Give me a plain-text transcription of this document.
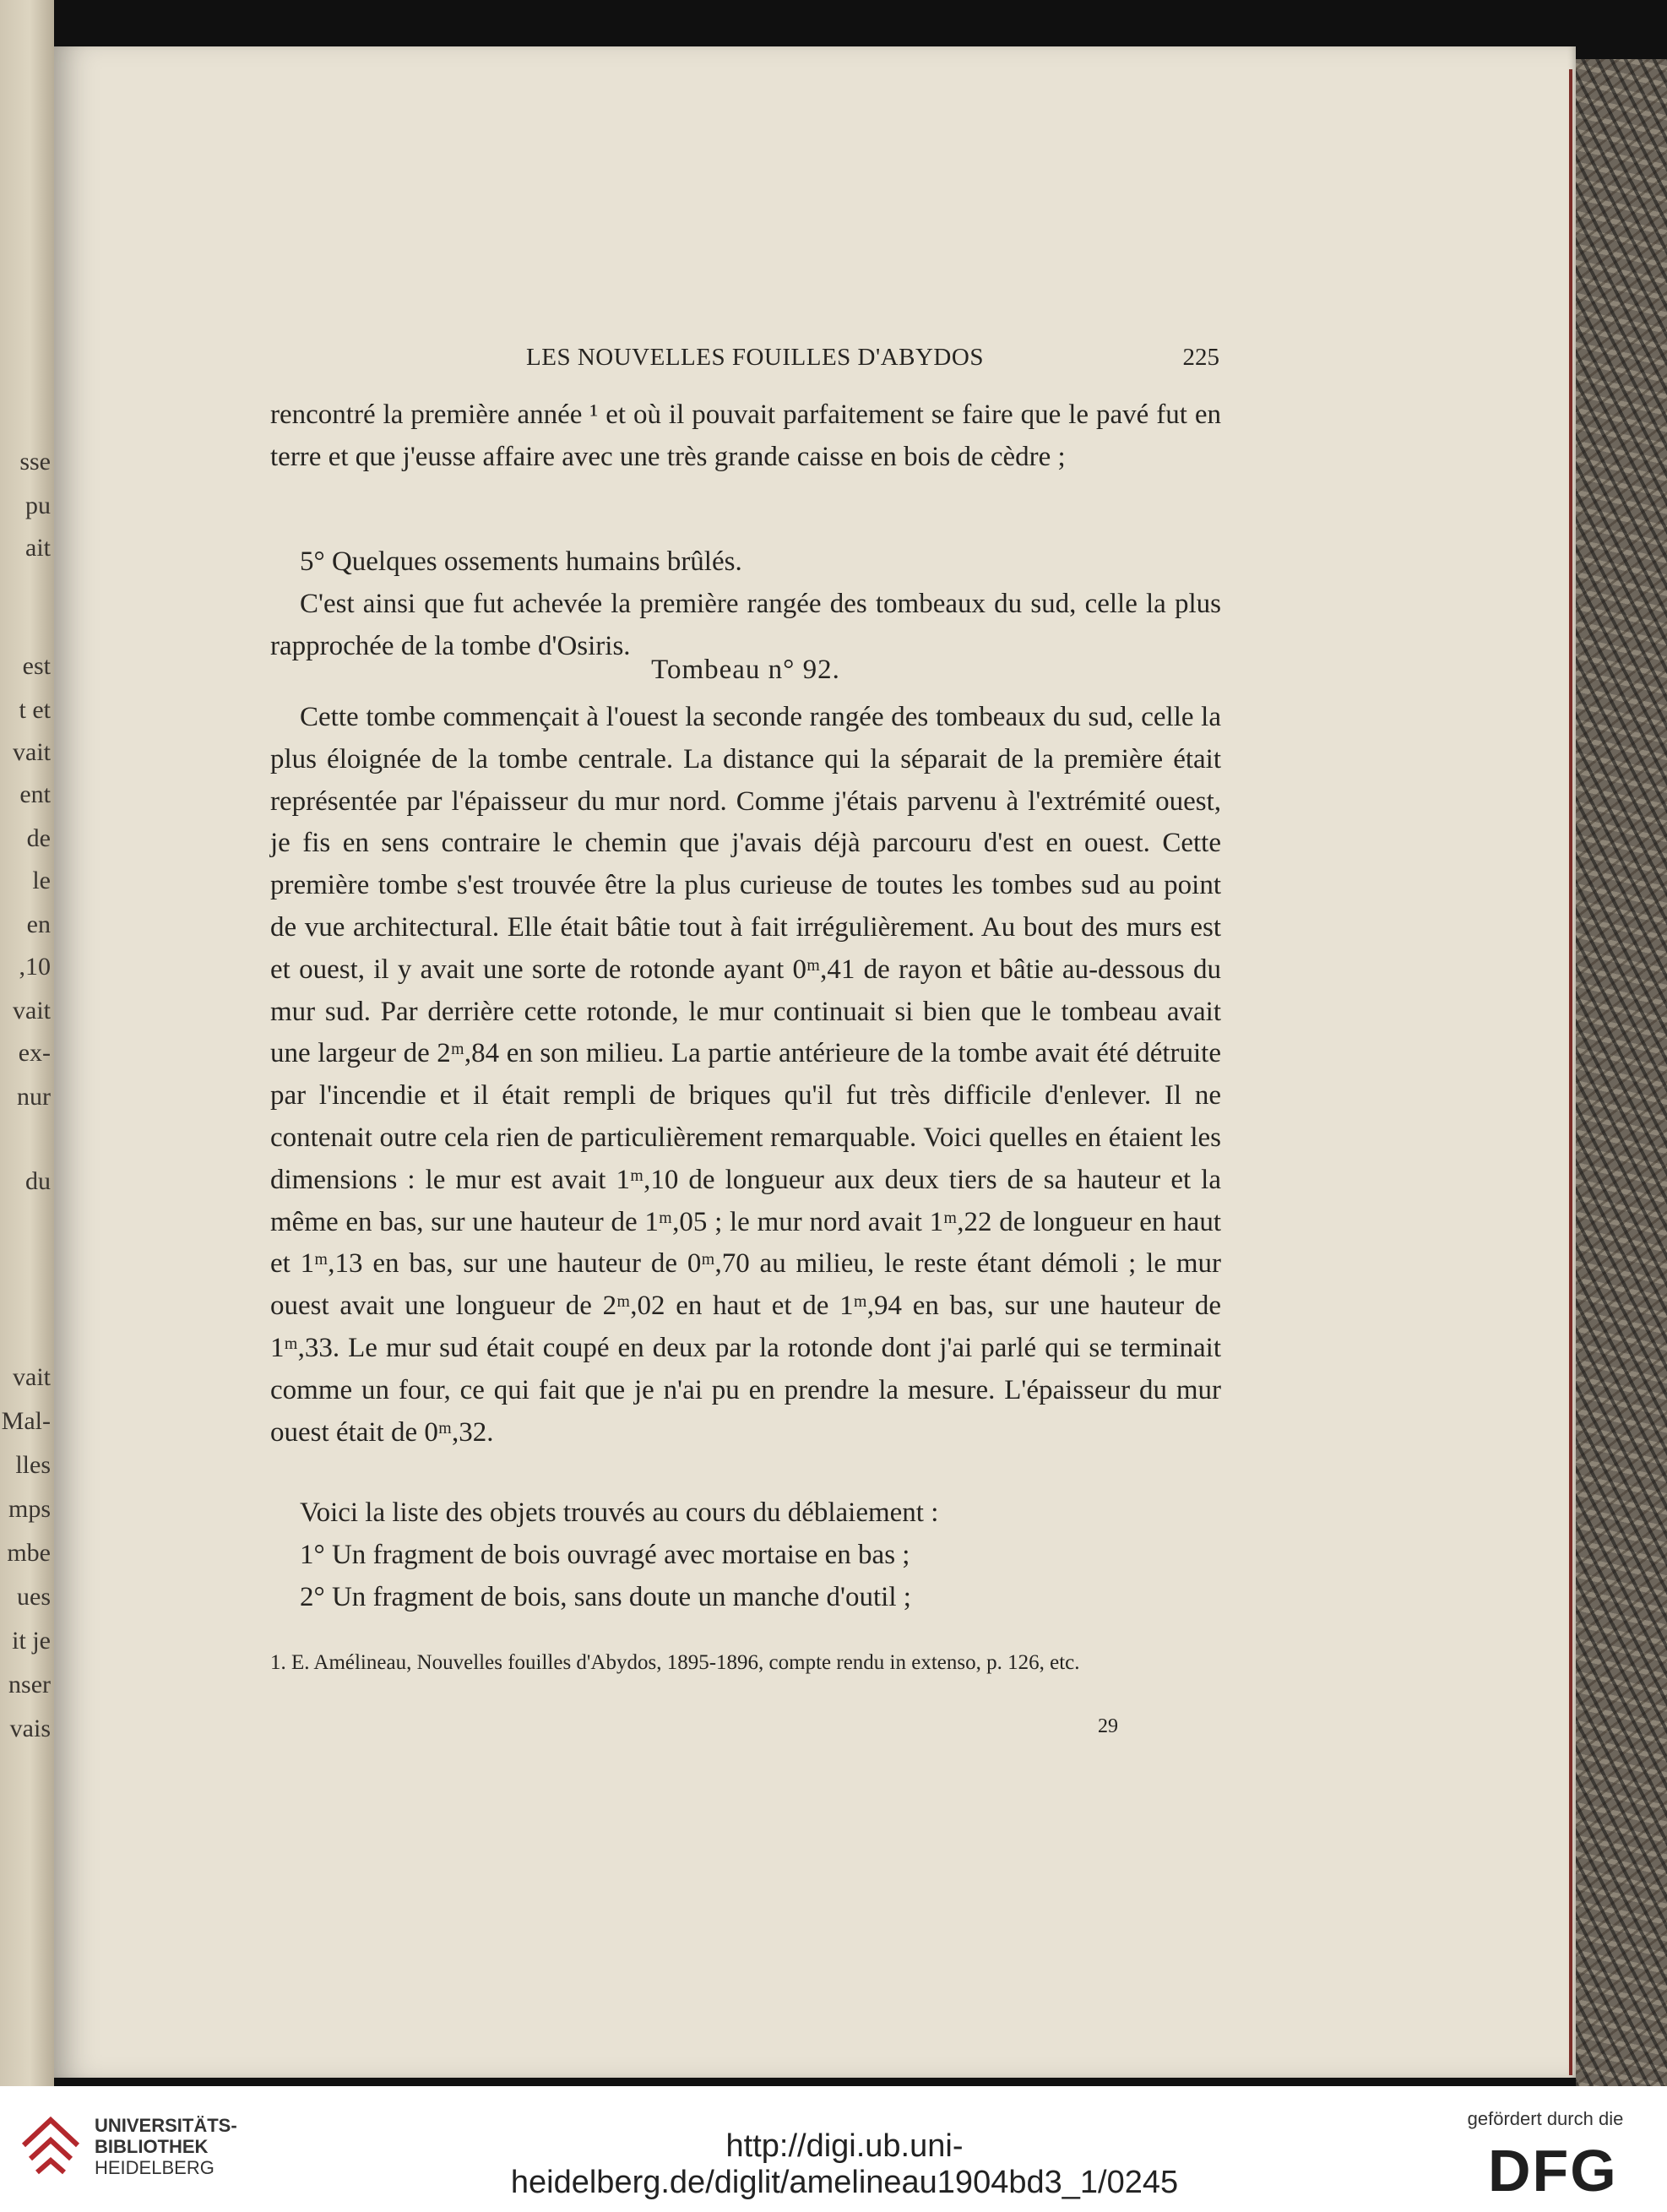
sse
pu
ait
est
t et
vait
ent
de
le
en
,10
vait
ex-
nur
du
vait
Mal-
lles
mps
mbe
ues
it je
nser
vais
LES NOUVELLES FOUILLES D'ABYDOS	225
rencontré la première année ¹ et où il pouvait parfaitement se faire que le pavé fut en terre et que j'eusse affaire avec une très grande caisse en bois de cèdre ;
5° Quelques ossements humains brûlés.
C'est ainsi que fut achevée la première rangée des tombeaux du sud, celle la plus rapprochée de la tombe d'Osiris.
Tombeau n° 92.
Cette tombe commençait à l'ouest la seconde rangée des tombeaux du sud, celle la plus éloignée de la tombe centrale. La distance qui la séparait de la première était représentée par l'épaisseur du mur nord. Comme j'étais parvenu à l'extrémité ouest, je fis en sens contraire le chemin que j'avais déjà parcouru d'est en ouest. Cette première tombe s'est trouvée être la plus curieuse de toutes les tombes sud au point de vue architectural. Elle était bâtie tout à fait irrégulièrement. Au bout des murs est et ouest, il y avait une sorte de rotonde ayant 0ᵐ,41 de rayon et bâtie au-dessous du mur sud. Par derrière cette rotonde, le mur continuait si bien que le tombeau avait une largeur de 2ᵐ,84 en son milieu. La partie antérieure de la tombe avait été détruite par l'incendie et il était rempli de briques qu'il fut très difficile d'enlever. Il ne contenait outre cela rien de particulièrement remarquable. Voici quelles en étaient les dimensions : le mur est avait 1ᵐ,10 de longueur aux deux tiers de sa hauteur et la même en bas, sur une hauteur de 1ᵐ,05 ; le mur nord avait 1ᵐ,22 de longueur en haut et 1ᵐ,13 en bas, sur une hauteur de 0ᵐ,70 au milieu, le reste étant démoli ; le mur ouest avait une longueur de 2ᵐ,02 en haut et de 1ᵐ,94 en bas, sur une hauteur de 1ᵐ,33. Le mur sud était coupé en deux par la rotonde dont j'ai parlé qui se terminait comme un four, ce qui fait que je n'ai pu en prendre la mesure. L'épaisseur du mur ouest était de 0ᵐ,32.
Voici la liste des objets trouvés au cours du déblaiement :
1° Un fragment de bois ouvragé avec mortaise en bas ;
2° Un fragment de bois, sans doute un manche d'outil ;
1. E. Amélineau, Nouvelles fouilles d'Abydos, 1895-1896, compte rendu in extenso, p. 126, etc.
29
UNIVERSITÄTS-
BIBLIOTHEK
HEIDELBERG
http://digi.ub.uni-heidelberg.de/diglit/amelineau1904bd3_1/0245
gefördert durch die
DFG
